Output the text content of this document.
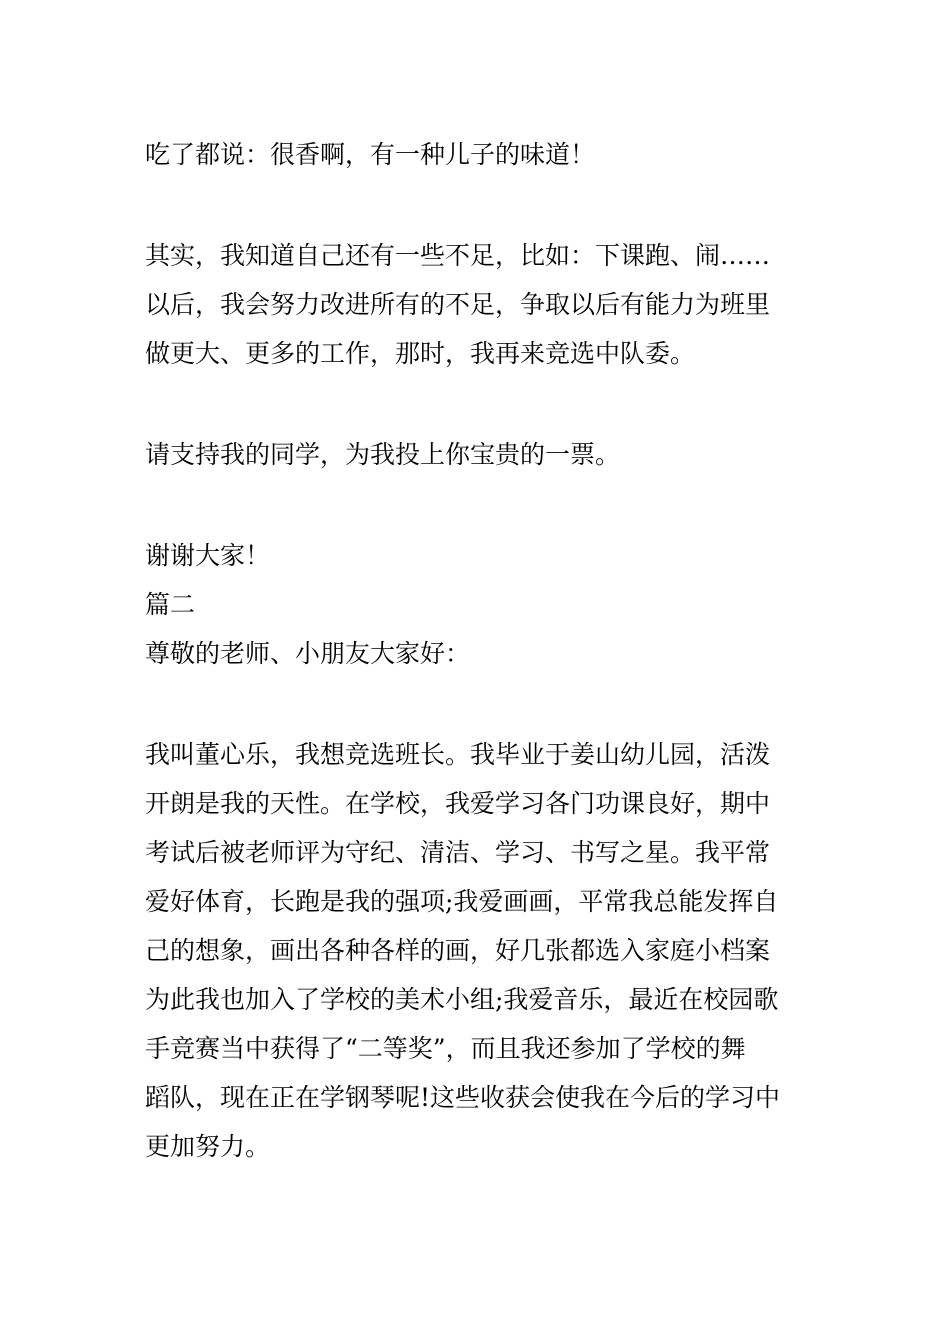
吃了都说：很香啊，有一种儿子的味道！
其实，我知道自己还有一些不足，比如：下课跑、闹……
以后，我会努力改进所有的不足，争取以后有能力为班里
做更大、更多的工作，那时，我再来竞选中队委。
请支持我的同学，为我投上你宝贵的一票。
谢谢大家！
篇二
尊敬的老师、小朋友大家好：
我叫董心乐，我想竞选班长。我毕业于姜山幼儿园，活泼
开朗是我的天性。在学校，我爱学习各门功课良好，期中
考试后被老师评为守纪、清洁、学习、书写之星。我平常
爱好体育，长跑是我的强项;我爱画画，平常我总能发挥自
己的想象，画出各种各样的画，好几张都选入家庭小档案
为此我也加入了学校的美术小组;我爱音乐，最近在校园歌
手竞赛当中获得了“二等奖”，而且我还参加了学校的舞
蹈队，现在正在学钢琴呢!这些收获会使我在今后的学习中
更加努力。
